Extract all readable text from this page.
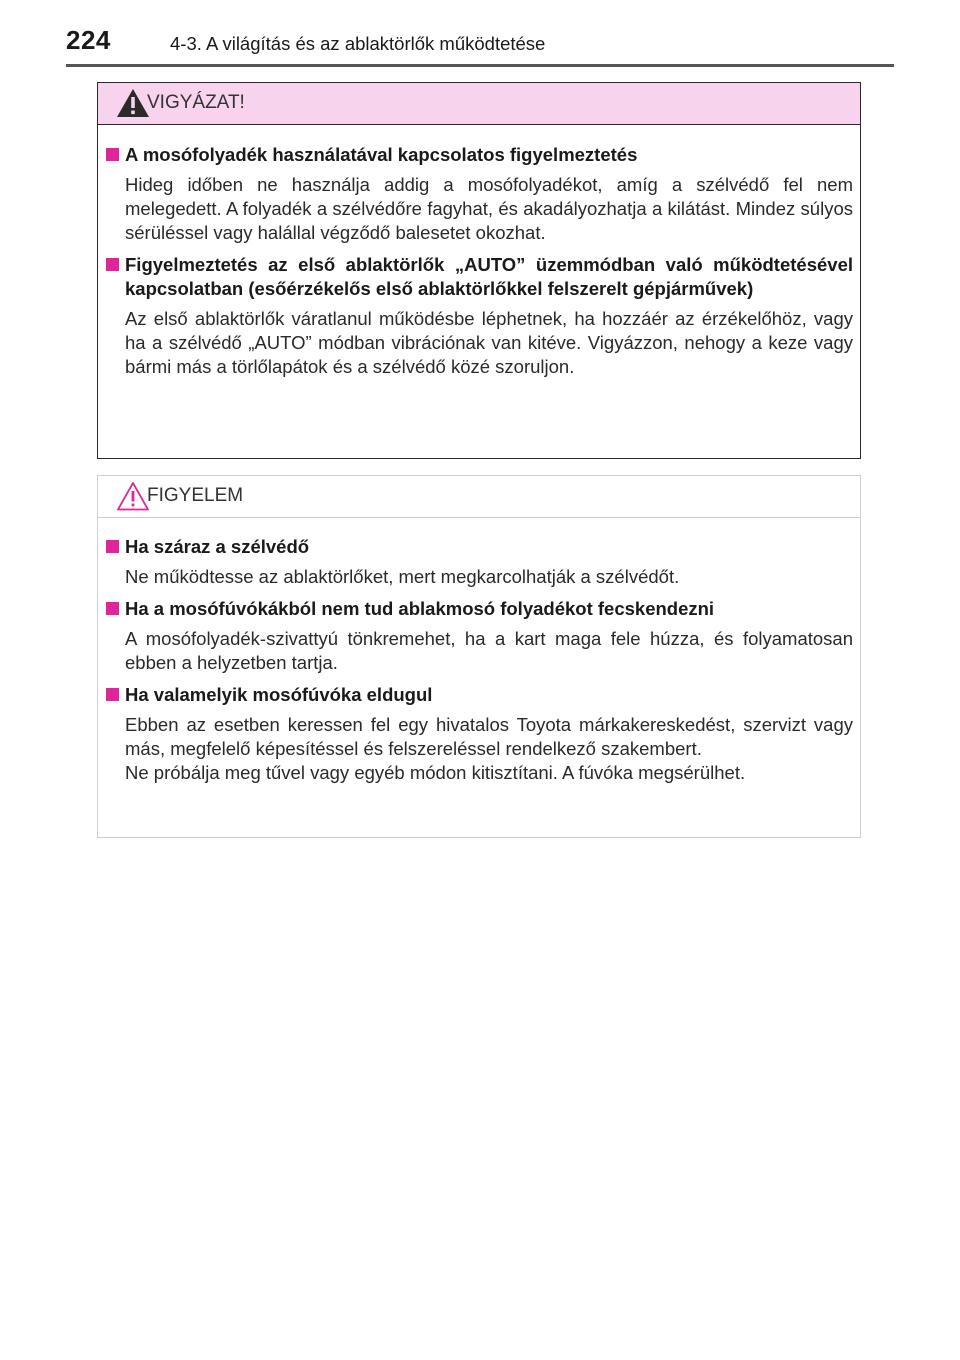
224	4-3. A világítás és az ablaktörlők működtetése
VIGYÁZAT!
A mosófolyadék használatával kapcsolatos figyelmeztetés
Hideg időben ne használja addig a mosófolyadékot, amíg a szélvédő fel nem melegedett. A folyadék a szélvédőre fagyhat, és akadályozhatja a kilátást. Mindez súlyos sérüléssel vagy halállal végződő balesetet okozhat.
Figyelmeztetés az első ablaktörlők „AUTO” üzemmódban való működtetésével kapcsolatban (esőérzékelős első ablaktörlőkkel felszerelt gépjárművek)
Az első ablaktörlők váratlanul működésbe léphetnek, ha hozzáér az érzékelőhöz, vagy ha a szélvédő „AUTO” módban vibrációnak van kitéve. Vigyázzon, nehogy a keze vagy bármi más a törlőlapátok és a szélvédő közé szoruljon.
FIGYELEM
Ha száraz a szélvédő
Ne működtesse az ablaktörlőket, mert megkarcolhatják a szélvédőt.
Ha a mosófúvókákból nem tud ablakmosó folyadékot fecskendezni
A mosófolyadék-szivattyú tönkremehet, ha a kart maga fele húzza, és folyamatosan ebben a helyzetben tartja.
Ha valamelyik mosófúvóka eldugul
Ebben az esetben keressen fel egy hivatalos Toyota márkakereskedést, szervizt vagy más, megfelelő képesítéssel és felszereléssel rendelkező szakembert.
Ne próbálja meg tűvel vagy egyéb módon kitisztítani. A fúvóka megsérülhet.
